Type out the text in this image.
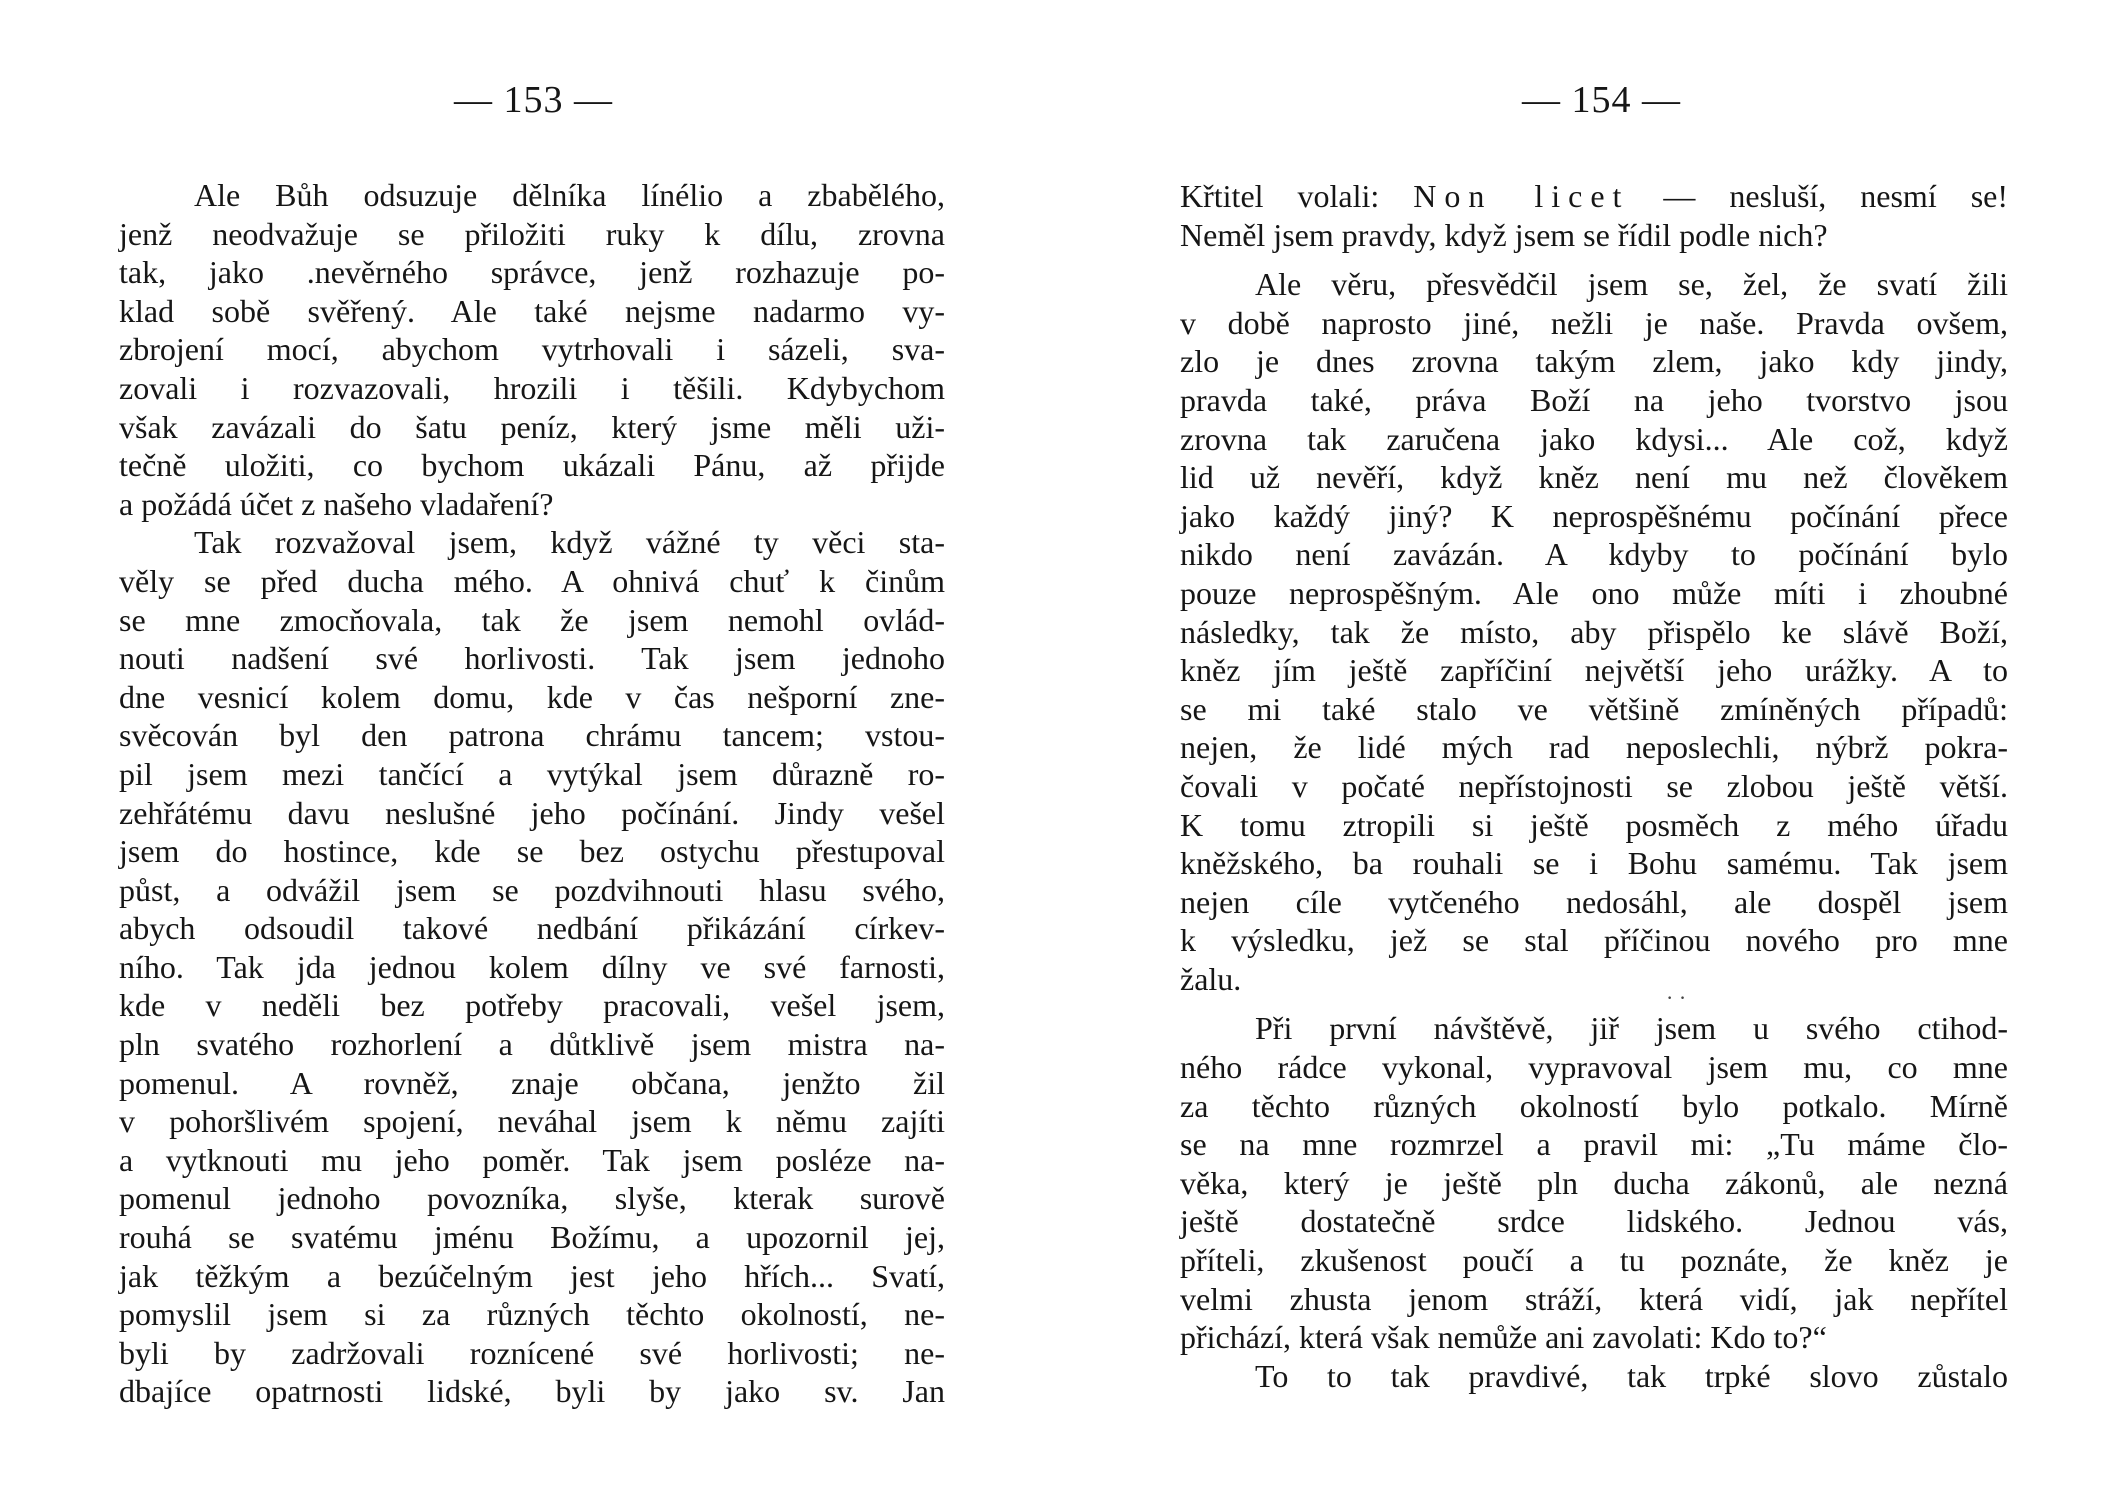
— 153 —
Ale Bůh odsuzuje dělníka línélio a zbabělého,
jenž neodvažuje se přiložiti ruky k dílu, zrovna
tak, jako .nevěrného správce, jenž rozhazuje po-
klad sobě svěřený. Ale také nejsme nadarmo vy-
zbrojení mocí, abychom vytrhovali i sázeli, sva-
zovali i rozvazovali, hrozili i těšili. Kdybychom
však zavázali do šatu peníz, který jsme měli uži-
tečně uložiti, co bychom ukázali Pánu, až přijde
a požádá účet z našeho vladaření?
Tak rozvažoval jsem, když vážné ty věci sta-
věly se před ducha mého. A ohnivá chuť k činům
se mne zmocňovala, tak že jsem nemohl ovlád-
nouti nadšení své horlivosti. Tak jsem jednoho
dne vesnicí kolem domu, kde v čas nešporní zne-
svěcován byl den patrona chrámu tancem; vstou-
pil jsem mezi tančící a vytýkal jsem důrazně ro-
zehřátému davu neslušné jeho počínání. Jindy vešel
jsem do hostince, kde se bez ostychu přestupoval
půst, a odvážil jsem se pozdvihnouti hlasu svého,
abych odsoudil takové nedbání přikázání církev-
ního. Tak jda jednou kolem dílny ve své farnosti,
kde v neděli bez potřeby pracovali, vešel jsem,
pln svatého rozhorlení a důtklivě jsem mistra na-
pomenul. A rovněž, znaje občana, jenžto žil
v pohoršlivém spojení, neváhal jsem k němu zajíti
a vytknouti mu jeho poměr. Tak jsem posléze na-
pomenul jednoho povozníka, slyše, kterak surově
rouhá se svatému jménu Božímu, a upozornil jej,
jak těžkým a bezúčelným jest jeho hřích... Svatí,
pomyslil jsem si za různých těchto okolností, ne-
byli by zadržovali roznícené své horlivosti; ne-
dbajíce opatrnosti lidské, byli by jako sv. Jan
— 154 —
Křtitel volali: Non licet — nesluší, nesmí se!
Neměl jsem pravdy, když jsem se řídil podle nich?
Ale věru, přesvědčil jsem se, žel, že svatí žili
v době naprosto jiné, nežli je naše. Pravda ovšem,
zlo je dnes zrovna takým zlem, jako kdy jindy,
pravda také, práva Boží na jeho tvorstvo jsou
zrovna tak zaručena jako kdysi... Ale což, když
lid už nevěří, když kněz není mu než člověkem
jako každý jiný? K neprospěšnému počínání přece
nikdo není zavázán. A kdyby to počínání bylo
pouze neprospěšným. Ale ono může míti i zhoubné
následky, tak že místo, aby přispělo ke slávě Boží,
kněz jím ještě zapříčiní největší jeho urážky. A to
se mi také stalo ve většině zmíněných případů:
nejen, že lidé mých rad neposlechli, nýbrž pokra-
čovali v počaté nepřístojnosti se zlobou ještě větší.
K tomu ztropili si ještě posměch z mého úřadu
kněžského, ba rouhali se i Bohu samému. Tak jsem
nejen cíle vytčeného nedosáhl, ale dospěl jsem
k výsledku, jež se stal příčinou nového pro mne
žalu.
Při první návštěvě, jiř jsem u svého ctihod-
ného rádce vykonal, vypravoval jsem mu, co mne
za těchto různých okolností bylo potkalo. Mírně
se na mne rozmrzel a pravil mi: „Tu máme člo-
věka, který je ještě pln ducha zákonů, ale nezná
ještě dostatečně srdce lidského. Jednou vás,
příteli, zkušenost poučí a tu poznáte, že kněz je
velmi zhusta jenom stráží, která vidí, jak nepřítel
přichází, která však nemůže ani zavolati: Kdo to?“
To to tak pravdivé, tak trpké slovo zůstalo
· ·
